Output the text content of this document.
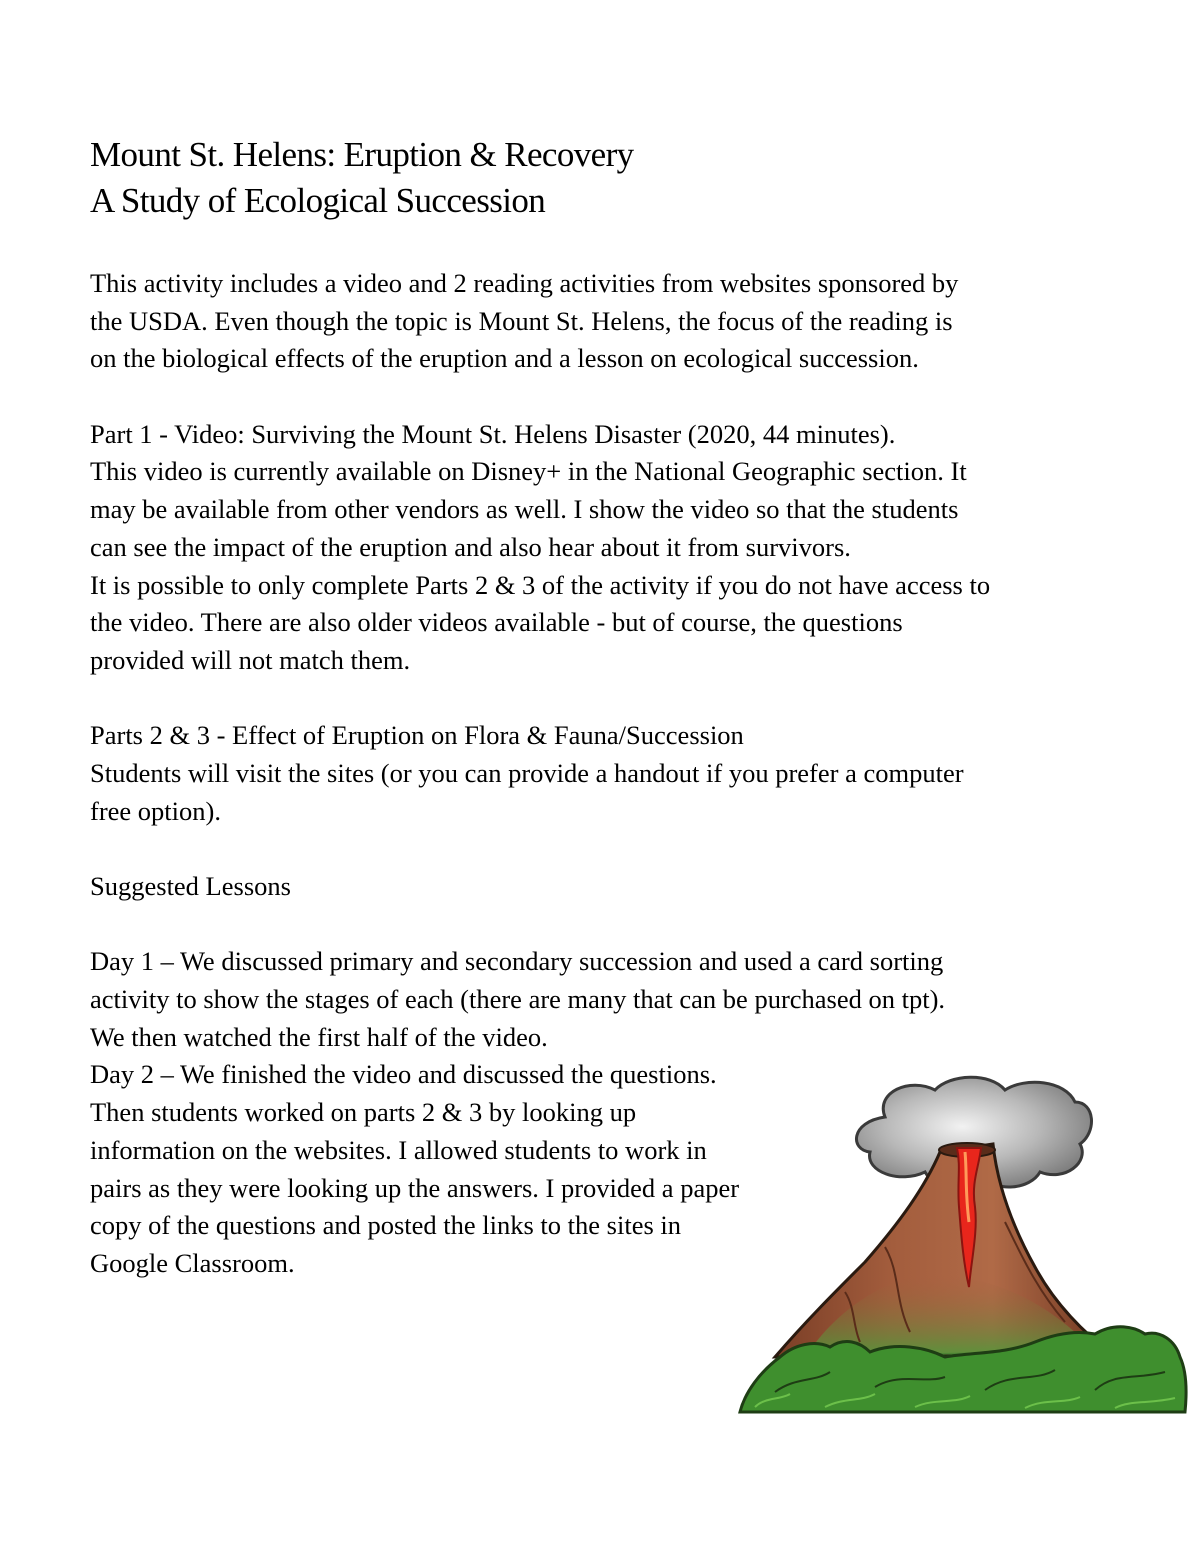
Mount St. Helens: Eruption & Recovery
A Study of Ecological Succession
This activity includes a video and 2 reading activities from websites sponsored by
the USDA. Even though the topic is Mount St. Helens, the focus of the reading is
on the biological effects of the eruption and a lesson on ecological succession.
Part 1 - Video: Surviving the Mount St. Helens Disaster (2020, 44 minutes).
This video is currently available on Disney+ in the National Geographic section. It
may be available from other vendors as well. I show the video so that the students
can see the impact of the eruption and also hear about it from survivors.
It is possible to only complete Parts 2 & 3 of the activity if you do not have access to
the video. There are also older videos available - but of course, the questions
provided will not match them.
Parts 2 & 3 - Effect of Eruption on Flora & Fauna/Succession
Students will visit the sites (or you can provide a handout if you prefer a computer
free option).
Suggested Lessons
Day 1 – We discussed primary and secondary succession and used a card sorting
activity to show the stages of each (there are many that can be purchased on tpt).
We then watched the first half of the video.
Day 2 – We finished the video and discussed the questions.
Then students worked on parts 2 & 3 by looking up
information on the websites. I allowed students to work in
pairs as they were looking up the answers. I provided a paper
copy of the questions and posted the links to the sites in
Google Classroom.
